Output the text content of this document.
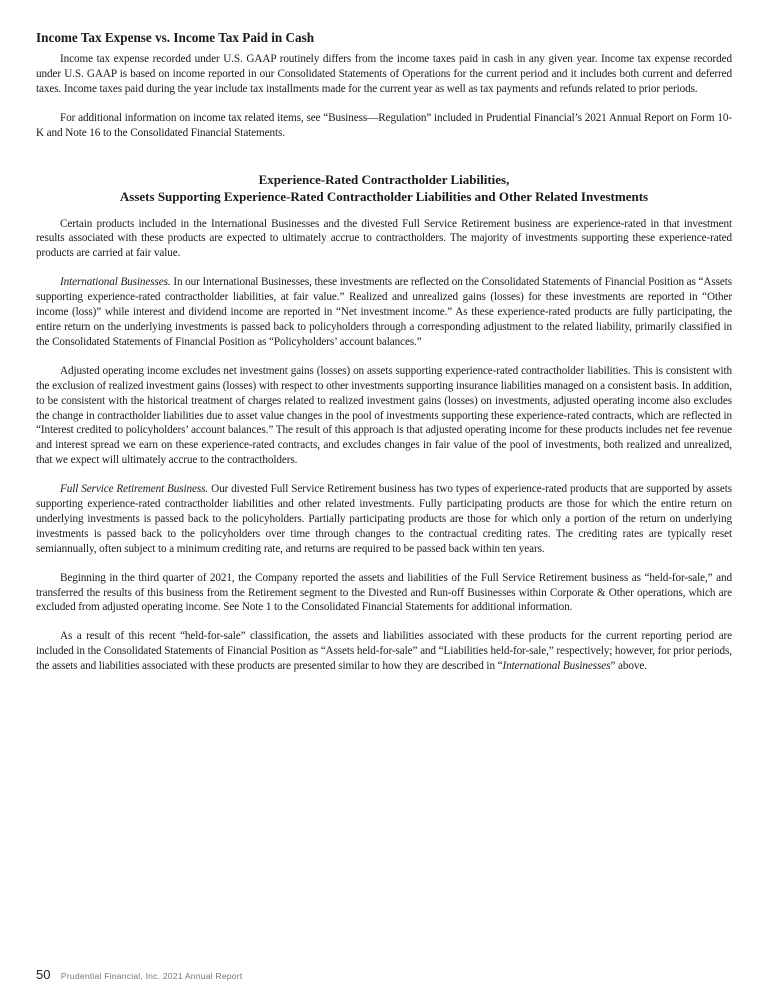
Income Tax Expense vs. Income Tax Paid in Cash

Income tax expense recorded under U.S. GAAP routinely differs from the income taxes paid in cash in any given year. Income tax expense recorded under U.S. GAAP is based on income reported in our Consolidated Statements of Operations for the current period and it includes both current and deferred taxes. Income taxes paid during the year include tax installments made for the current year as well as tax payments and refunds related to prior periods.

For additional information on income tax related items, see “Business—Regulation” included in Prudential Financial’s 2021 Annual Report on Form 10-K and Note 16 to the Consolidated Financial Statements.

Experience-Rated Contractholder Liabilities,
Assets Supporting Experience-Rated Contractholder Liabilities and Other Related Investments

Certain products included in the International Businesses and the divested Full Service Retirement business are experience-rated in that investment results associated with these products are expected to ultimately accrue to contractholders. The majority of investments supporting these experience-rated products are carried at fair value.

International Businesses. In our International Businesses, these investments are reflected on the Consolidated Statements of Financial Position as “Assets supporting experience-rated contractholder liabilities, at fair value.” Realized and unrealized gains (losses) for these investments are reported in “Other income (loss)” while interest and dividend income are reported in “Net investment income.” As these experience-rated products are fully participating, the entire return on the underlying investments is passed back to policyholders through a corresponding adjustment to the related liability, primarily classified in the Consolidated Statements of Financial Position as “Policyholders’ account balances.”

Adjusted operating income excludes net investment gains (losses) on assets supporting experience-rated contractholder liabilities. This is consistent with the exclusion of realized investment gains (losses) with respect to other investments supporting insurance liabilities managed on a consistent basis. In addition, to be consistent with the historical treatment of charges related to realized investment gains (losses) on investments, adjusted operating income also excludes the change in contractholder liabilities due to asset value changes in the pool of investments supporting these experience-rated contracts, which are reflected in “Interest credited to policyholders’ account balances.” The result of this approach is that adjusted operating income for these products includes net fee revenue and interest spread we earn on these experience-rated contracts, and excludes changes in fair value of the pool of investments, both realized and unrealized, that we expect will ultimately accrue to the contractholders.

Full Service Retirement Business. Our divested Full Service Retirement business has two types of experience-rated products that are supported by assets supporting experience-rated contractholder liabilities and other related investments. Fully participating products are those for which the entire return on underlying investments is passed back to the policyholders. Partially participating products are those for which only a portion of the return on underlying investments is passed back to the policyholders over time through changes to the contractual crediting rates. The crediting rates are typically reset semiannually, often subject to a minimum crediting rate, and returns are required to be passed back within ten years.

Beginning in the third quarter of 2021, the Company reported the assets and liabilities of the Full Service Retirement business as “held-for-sale,” and transferred the results of this business from the Retirement segment to the Divested and Run-off Businesses within Corporate & Other operations, which are excluded from adjusted operating income. See Note 1 to the Consolidated Financial Statements for additional information.

As a result of this recent “held-for-sale” classification, the assets and liabilities associated with these products for the current reporting period are included in the Consolidated Statements of Financial Position as “Assets held-for-sale” and “Liabilities held-for-sale,” respectively; however, for prior periods, the assets and liabilities associated with these products are presented similar to how they are described in “International Businesses” above.

50 Prudential Financial, Inc. 2021 Annual Report
